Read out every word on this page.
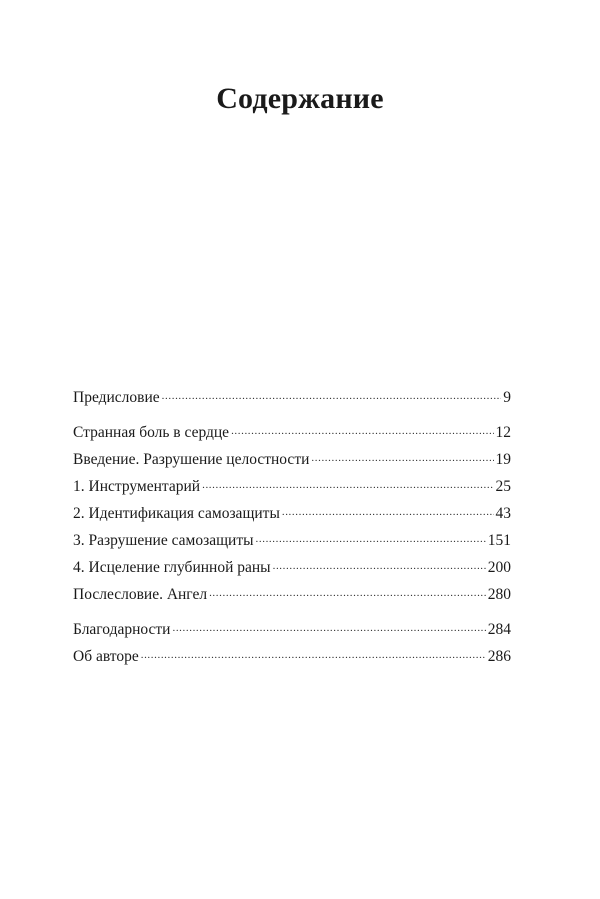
Содержание
Предисловие .....	9
Странная боль в сердце .....	12
Введение. Разрушение целостности .....	19
1. Инструментарий .....	25
2. Идентификация самозащиты .....	43
3. Разрушение самозащиты .....	151
4. Исцеление глубинной раны .....	200
Послесловие. Ангел .....	280
Благодарности .....	284
Об авторе .....	286
